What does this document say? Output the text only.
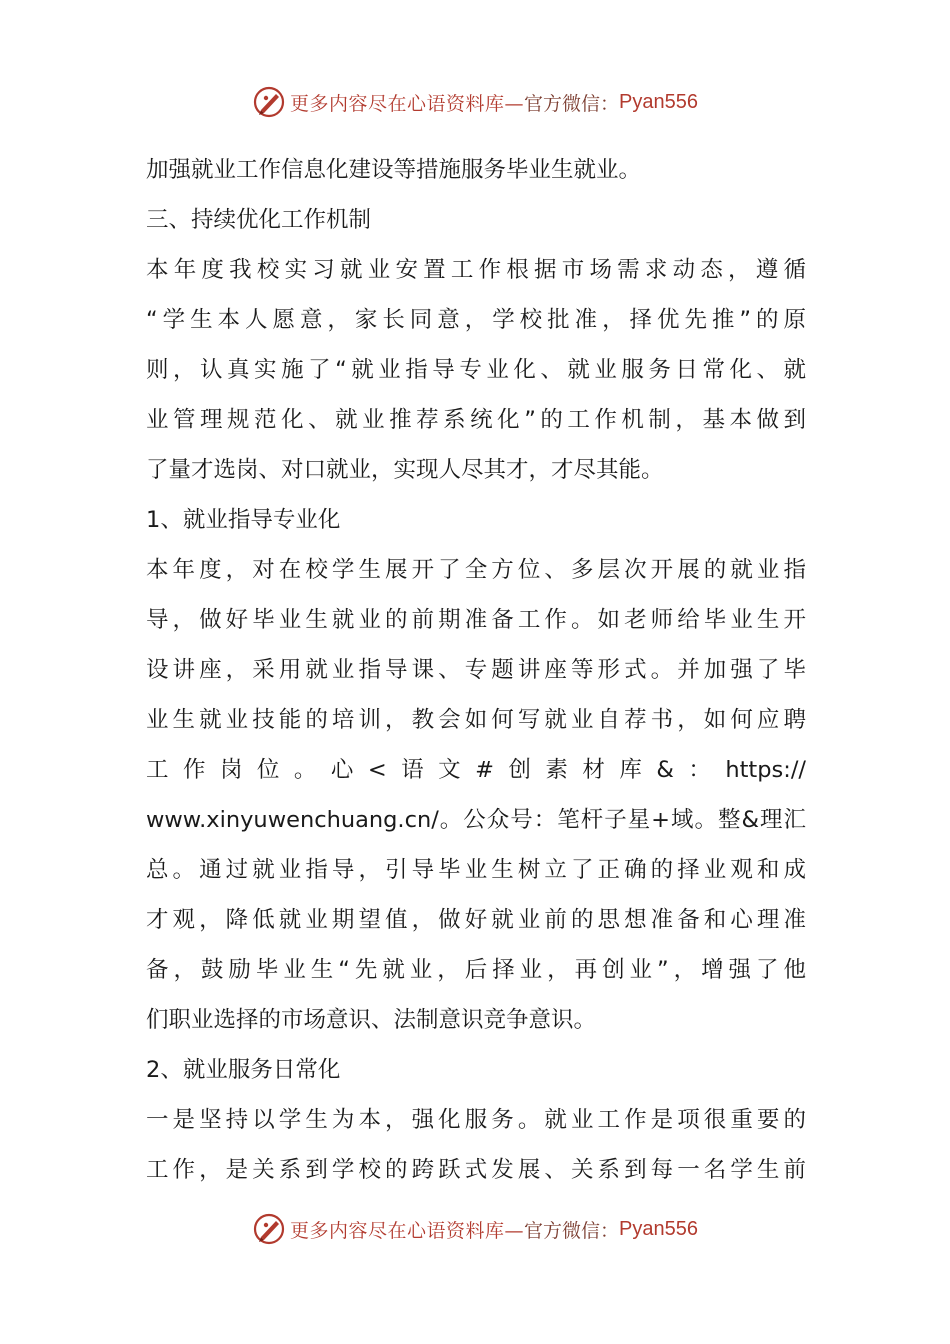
更多内容尽在心语资料库— 官方微信： Pyan556
加强就业工作信息化建设等措施服务毕业生就业。
三、持续优化工作机制
本年度我校实习就业安置工作根据市场需求动态，遵循
“学生本人愿意，家长同意，学校批准，择优先推”的原
则，认真实施了“就业指导专业化、就业服务日常化、就
业管理规范化、就业推荐系统化”的工作机制，基本做到
了量才选岗、对口就业，实现人尽其才，才尽其能。
1、就业指导专业化
本年度，对在校学生展开了全方位、多层次开展的就业指
导，做好毕业生就业的前期准备工作。如老师给毕业生开
设讲座，采用就业指导课、专题讲座等形式。并加强了毕
业生就业技能的培训，教会如何写就业自荐书，如何应聘
工作岗位。心<语文#创素材库&：https://
www.xinyuwenchuang.cn/。公众号：笔杆子星+域。整&理汇
总。通过就业指导，引导毕业生树立了正确的择业观和成
才观，降低就业期望值，做好就业前的思想准备和心理准
备，鼓励毕业生“先就业，后择业，再创业”，增强了他
们职业选择的市场意识、法制意识竞争意识。
2、就业服务日常化
一是坚持以学生为本，强化服务。就业工作是项很重要的
工作，是关系到学校的跨跃式发展、关系到每一名学生前
更多内容尽在心语资料库— 官方微信： Pyan556
